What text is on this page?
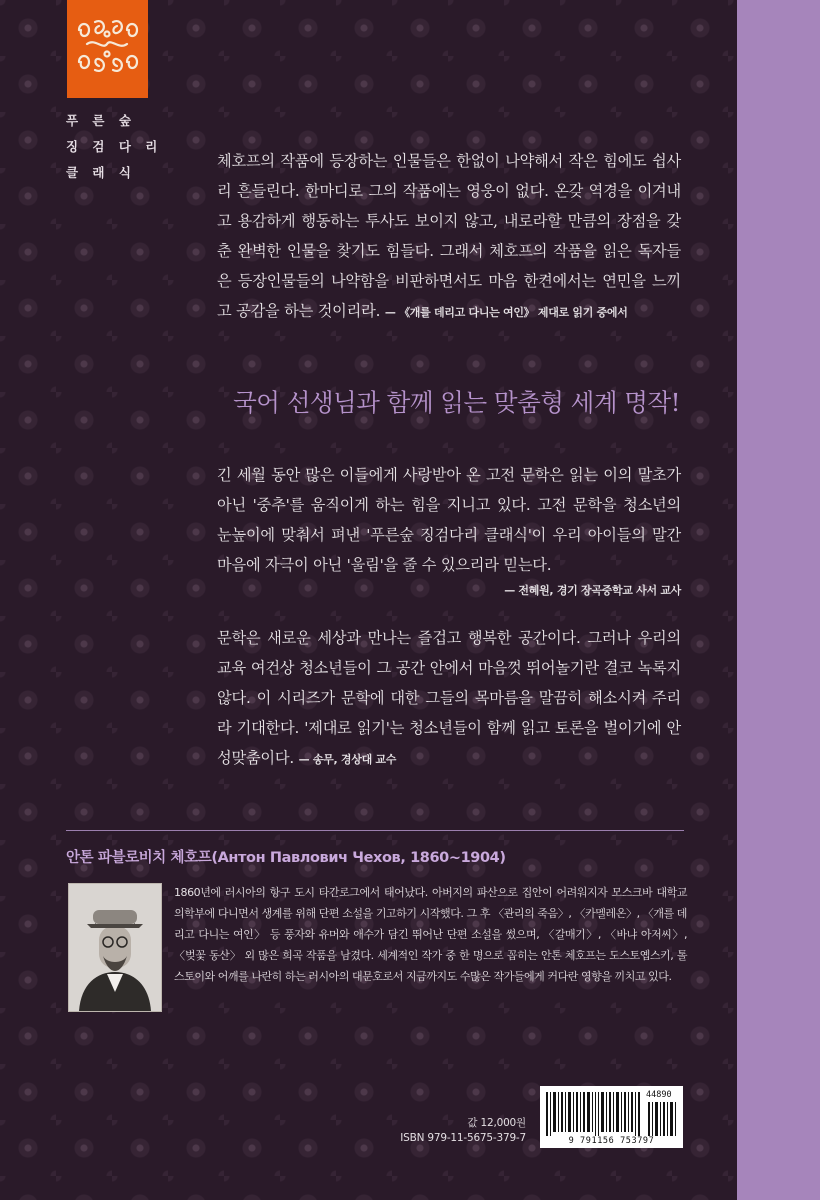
푸 른 숲
징 검 다 리
클 래 식
체호프의 작품에 등장하는 인물들은 한없이 나약해서 작은 힘에도 쉽사리 흔들린다. 한마디로 그의 작품에는 영웅이 없다. 온갖 역경을 이겨내고 용감하게 행동하는 투사도 보이지 않고, 내로라할 만큼의 장점을 갖춘 완벽한 인물을 찾기도 힘들다. 그래서 체호프의 작품을 읽은 독자들은 등장인물들의 나약함을 비판하면서도 마음 한켠에서는 연민을 느끼고 공감을 하는 것이리라. — 《개를 데리고 다니는 여인》 제대로 읽기 중에서
국어 선생님과 함께 읽는 맞춤형 세계 명작!
긴 세월 동안 많은 이들에게 사랑받아 온 고전 문학은 읽는 이의 말초가 아닌 '중추'를 움직이게 하는 힘을 지니고 있다. 고전 문학을 청소년의 눈높이에 맞춰서 펴낸 '푸른숲 징검다리 클래식'이 우리 아이들의 말간 마음에 자극이 아닌 '울림'을 줄 수 있으리라 믿는다.
— 전혜원, 경기 장곡중학교 사서 교사
문학은 새로운 세상과 만나는 즐겁고 행복한 공간이다. 그러나 우리의 교육 여건상 청소년들이 그 공간 안에서 마음껏 뛰어놀기란 결코 녹록지 않다. 이 시리즈가 문학에 대한 그들의 목마름을 말끔히 해소시켜 주리라 기대한다. '제대로 읽기'는 청소년들이 함께 읽고 토론을 벌이기에 안성맞춤이다. — 송무, 경상대 교수
안톤 파블로비치 체호프(Антон Павлович Чехов, 1860~1904)
1860년에 러시아의 항구 도시 타간로그에서 태어났다. 아버지의 파산으로 집안이 어려워지자 모스크바 대학교 의학부에 다니면서 생계를 위해 단편 소설을 기고하기 시작했다. 그 후 〈관리의 죽음〉, 〈카멜레온〉, 〈개를 데리고 다니는 여인〉 등 풍자와 유머와 애수가 담긴 뛰어난 단편 소설을 썼으며, 〈갈매기〉, 〈바냐 아저씨〉, 〈벚꽃 동산〉 외 많은 희곡 작품을 남겼다. 세계적인 작가 중 한 명으로 꼽히는 안톤 체호프는 도스토옙스키, 톨스토이와 어깨를 나란히 하는 러시아의 대문호로서 지금까지도 수많은 작가들에게 커다란 영향을 끼치고 있다.
값 12,000원
ISBN 979-11-5675-379-7
44890
9 791156 753797
